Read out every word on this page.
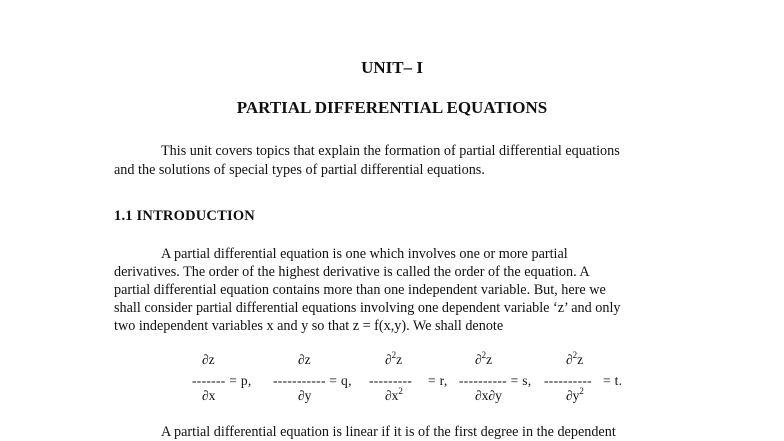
UNIT– I
PARTIAL DIFFERENTIAL EQUATIONS
This unit covers topics that explain the formation of partial differential equations
and the solutions of special types of partial differential equations.
1.1 INTRODUCTION
A partial differential equation is one which involves one or more partial
derivatives. The order of the highest derivative is called the order of the equation. A
partial differential equation contains more than one independent variable. But, here we
shall consider partial differential equations involving one dependent variable ‘z’ and only
two independent variables x and y so that z = f(x,y). We shall denote
∂z	∂z	∂$^2$z	∂$^2$z	∂$^2$z
------- = p, ----------- = q, --------- = r, ---------- = s, ---------- = t.
∂x	∂y	$\partial x^2$	∂x∂y	$\partial y^2$
A partial differential equation is linear if it is of the first degree in the dependent
